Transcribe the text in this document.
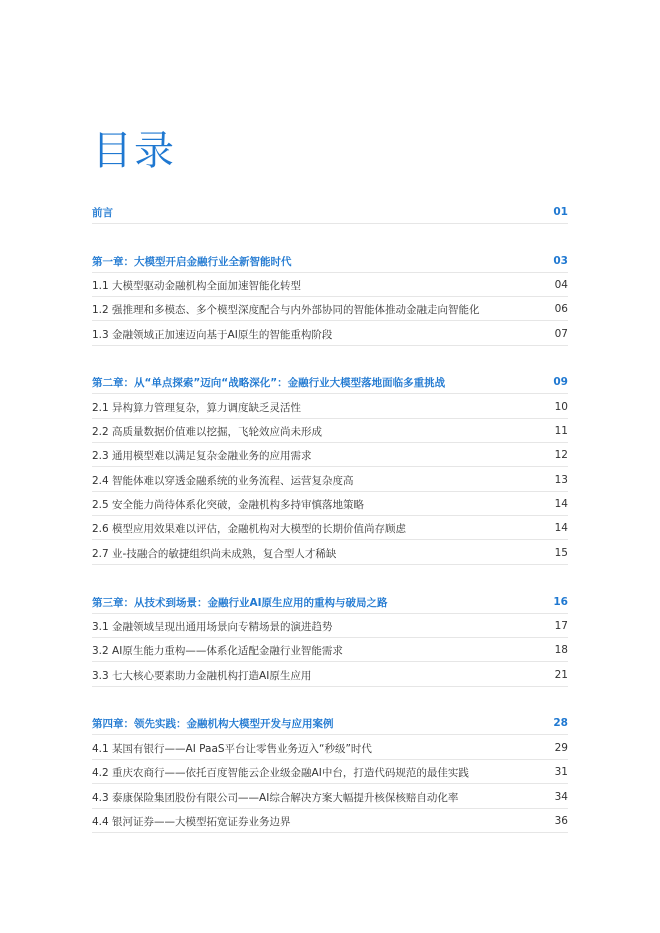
目录
前言	01
第一章：大模型开启金融行业全新智能时代	03
1.1 大模型驱动金融机构全面加速智能化转型	04
1.2 强推理和多模态、多个模型深度配合与内外部协同的智能体推动金融走向智能化	06
1.3 金融领域正加速迈向基于AI原生的智能重构阶段	07
第二章：从“单点探索”迈向“战略深化”：金融行业大模型落地面临多重挑战	09
2.1 异构算力管理复杂，算力调度缺乏灵活性	10
2.2 高质量数据价值难以挖掘，飞轮效应尚未形成	11
2.3 通用模型难以满足复杂金融业务的应用需求	12
2.4 智能体难以穿透金融系统的业务流程、运营复杂度高	13
2.5 安全能力尚待体系化突破，金融机构多持审慎落地策略	14
2.6 模型应用效果难以评估，金融机构对大模型的长期价值尚存顾虑	14
2.7 业-技融合的敏捷组织尚未成熟，复合型人才稀缺	15
第三章：从技术到场景：金融行业AI原生应用的重构与破局之路	16
3.1 金融领域呈现出通用场景向专精场景的演进趋势	17
3.2 AI原生能力重构——体系化适配金融行业智能需求	18
3.3 七大核心要素助力金融机构打造AI原生应用	21
第四章：领先实践：金融机构大模型开发与应用案例	28
4.1 某国有银行——AI PaaS平台让零售业务迈入“秒级”时代	29
4.2 重庆农商行——依托百度智能云企业级金融AI中台，打造代码规范的最佳实践	31
4.3 泰康保险集团股份有限公司——AI综合解决方案大幅提升核保核赔自动化率	34
4.4 银河证券——大模型拓宽证券业务边界	36
